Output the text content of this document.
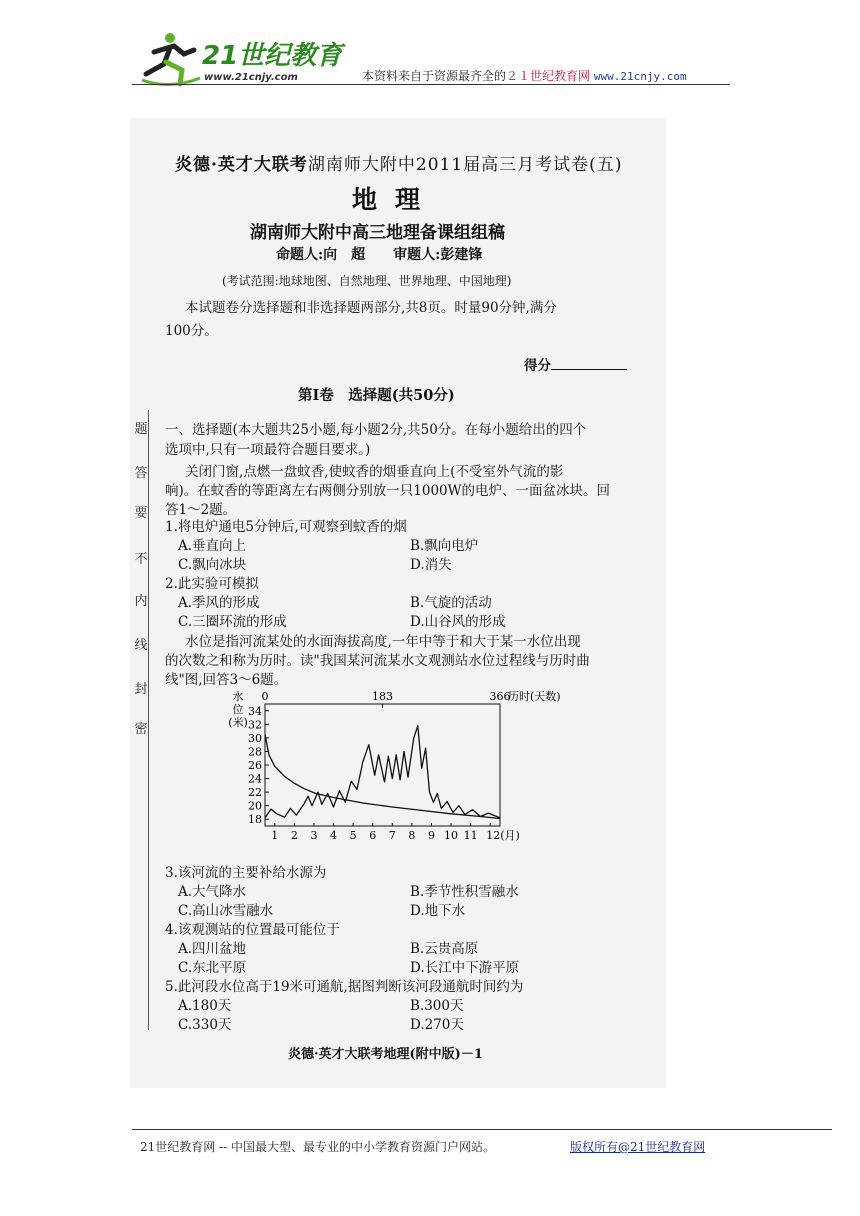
21世纪教育
www.21cnjy.com	本资料来自于资源最齐全的２１世纪教育网 www.21cnjy.com
题
答
要
不
内
线
封
密
炎德·英才大联考湖南师大附中2011届高三月考试卷(五)
地理
湖南师大附中高三地理备课组组稿
命题人:向　超　　审题人:彭建锋
(考试范围:地球地图、自然地理、世界地理、中国地理)
本试题卷分选择题和非选择题两部分,共8页。时量90分钟,满分
100分。
得分
第Ⅰ卷　选择题(共50分)
一、选择题(本大题共25小题,每小题2分,共50分。在每小题给出的四个
选项中,只有一项最符合题目要求。)
关闭门窗,点燃一盘蚊香,使蚊香的烟垂直向上(不受室外气流的影
响)。在蚊香的等距离左右两侧分别放一只1000W的电炉、一面盆冰块。回
答1～2题。
1.将电炉通电5分钟后,可观察到蚊香的烟
A.垂直向上	B.飘向电炉
C.飘向冰块	D.消失
2.此实验可模拟
A.季风的形成	B.气旋的活动
C.三圈环流的形成	D.山谷风的形成
水位是指河流某处的水面海拔高度,一年中等于和大于某一水位出现
的次数之和称为历时。读"我国某河流某水文观测站水位过程线与历时曲
线"图,回答3～6题。
水
位
(米)
18
20
22
24
26
28
30
32
34
1 2 3 4 5 6 7 8 9 10 11 12(月)
0	183	366
历时(天数)
3.该河流的主要补给水源为
A.大气降水	B.季节性积雪融水
C.高山冰雪融水	D.地下水
4.该观测站的位置最可能位于
A.四川盆地	B.云贵高原
C.东北平原	D.长江中下游平原
5.此河段水位高于19米可通航,据图判断该河段通航时间约为
A.180天	B.300天
C.330天	D.270天
炎德·英才大联考地理(附中版)－1
21世纪教育网 -- 中国最大型、最专业的中小学教育资源门户网站。	版权所有@21世纪教育网
